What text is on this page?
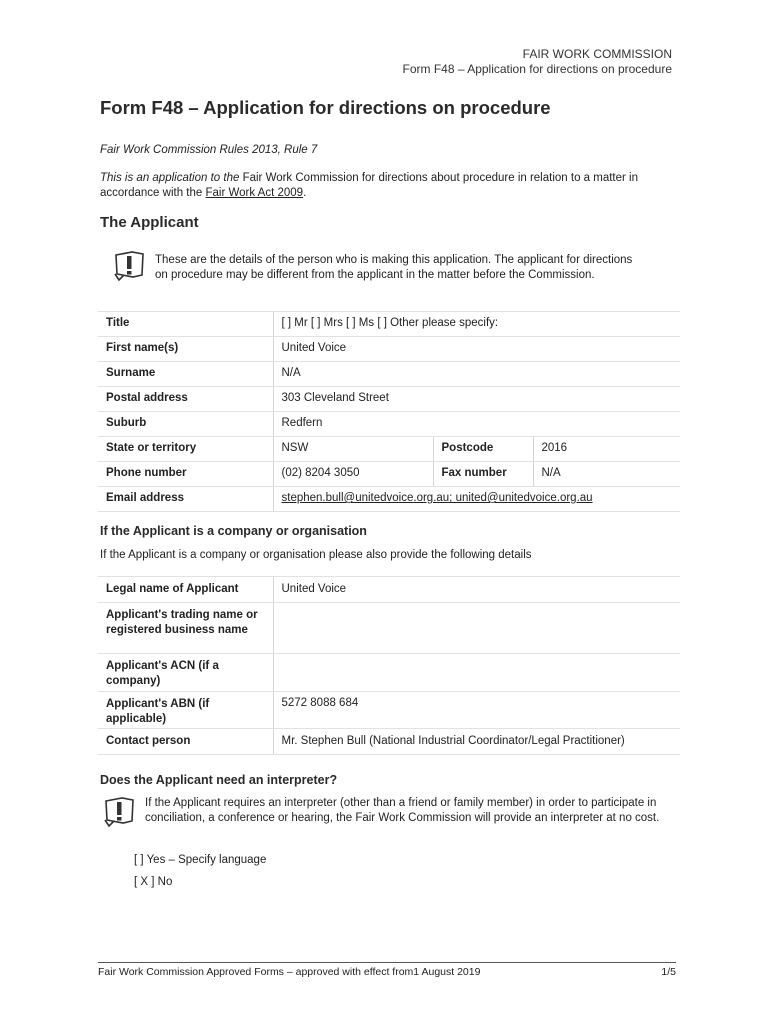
FAIR WORK COMMISSION
Form F48 – Application for directions on procedure
Form F48 – Application for directions on procedure
Fair Work Commission Rules 2013, Rule 7
This is an application to the Fair Work Commission for directions about procedure in relation to a matter in accordance with the Fair Work Act 2009.
The Applicant
These are the details of the person who is making this application. The applicant for directions on procedure may be different from the applicant in the matter before the Commission.
Title	[ ] Mr [ ] Mrs [ ] Ms [ ] Other please specify:		
First name(s)	United Voice		
Surname	N/A		
Postal address	303 Cleveland Street		
Suburb	Redfern		
State or territory	NSW	Postcode	2016
Phone number	(02) 8204 3050	Fax number	N/A
Email address	stephen.bull@unitedvoice.org.au; united@unitedvoice.org.au		
If the Applicant is a company or organisation
If the Applicant is a company or organisation please also provide the following details
Legal name of Applicant	United Voice
Applicant's trading name or registered business name	
Applicant's ACN (if a company)	
Applicant's ABN (if applicable)	5272 8088 684
Contact person	Mr. Stephen Bull (National Industrial Coordinator/Legal Practitioner)
Does the Applicant need an interpreter?
If the Applicant requires an interpreter (other than a friend or family member) in order to participate in conciliation, a conference or hearing, the Fair Work Commission will provide an interpreter at no cost.
[ ] Yes – Specify language
[ X ] No
Fair Work Commission Approved Forms – approved with effect from1 August 2019	1/5
